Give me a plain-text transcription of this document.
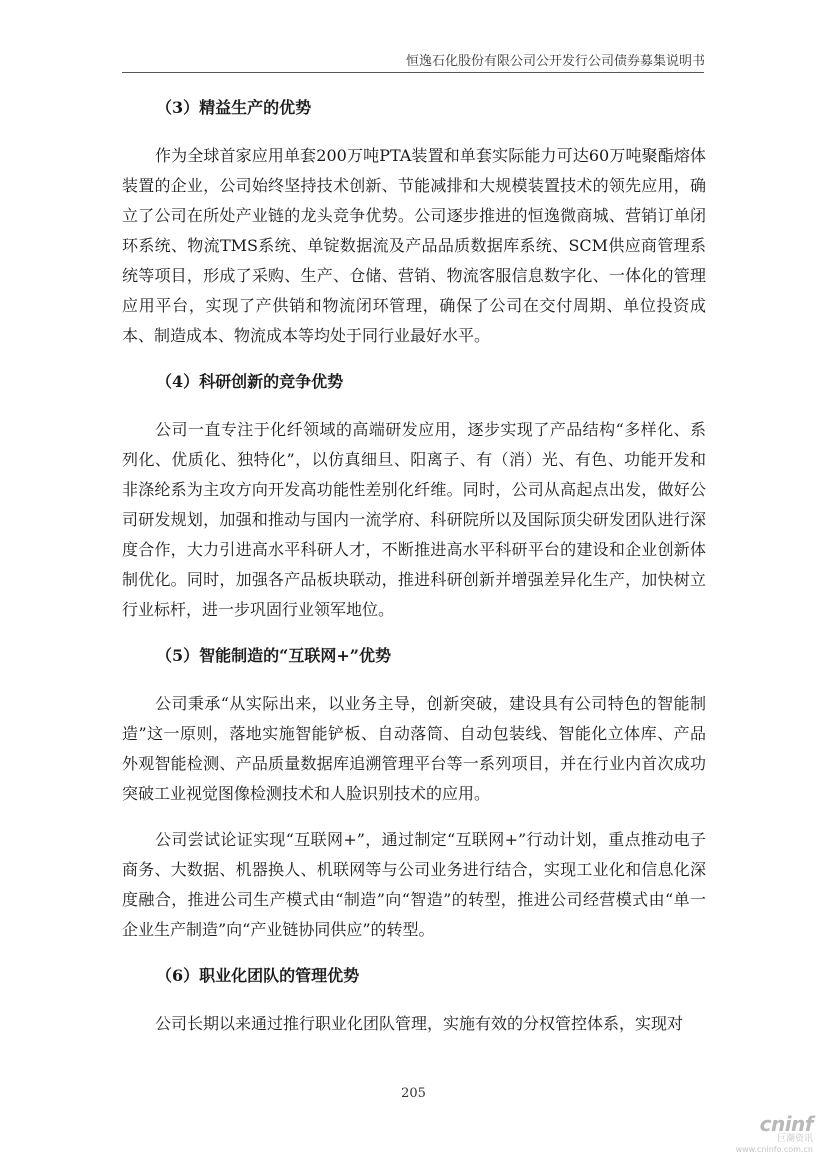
恒逸石化股份有限公司公开发行公司债券募集说明书
（3）精益生产的优势

作为全球首家应用单套200万吨PTA装置和单套实际能力可达60万吨聚酯熔体装置的企业，公司始终坚持技术创新、节能减排和大规模装置技术的领先应用，确立了公司在所处产业链的龙头竞争优势。公司逐步推进的恒逸微商城、营销订单闭环系统、物流TMS系统、单锭数据流及产品品质数据库系统、SCM供应商管理系统等项目，形成了采购、生产、仓储、营销、物流客服信息数字化、一体化的管理应用平台，实现了产供销和物流闭环管理，确保了公司在交付周期、单位投资成本、制造成本、物流成本等均处于同行业最好水平。

（4）科研创新的竞争优势

公司一直专注于化纤领域的高端研发应用，逐步实现了产品结构“多样化、系列化、优质化、独特化”，以仿真细旦、阳离子、有（消）光、有色、功能开发和非涤纶系为主攻方向开发高功能性差别化纤维。同时，公司从高起点出发，做好公司研发规划，加强和推动与国内一流学府、科研院所以及国际顶尖研发团队进行深度合作，大力引进高水平科研人才，不断推进高水平科研平台的建设和企业创新体制优化。同时，加强各产品板块联动，推进科研创新并增强差异化生产，加快树立行业标杆，进一步巩固行业领军地位。

（5）智能制造的“互联网+”优势

公司秉承“从实际出来，以业务主导，创新突破，建设具有公司特色的智能制造”这一原则，落地实施智能铲板、自动落筒、自动包装线、智能化立体库、产品外观智能检测、产品质量数据库追溯管理平台等一系列项目，并在行业内首次成功突破工业视觉图像检测技术和人脸识别技术的应用。

公司尝试论证实现“互联网+”，通过制定“互联网+”行动计划，重点推动电子商务、大数据、机器换人、机联网等与公司业务进行结合，实现工业化和信息化深度融合，推进公司生产模式由“制造”向“智造”的转型，推进公司经营模式由“单一企业生产制造”向“产业链协同供应”的转型。

（6）职业化团队的管理优势

公司长期以来通过推行职业化团队管理，实施有效的分权管控体系，实现对

205
cninf
巨潮资讯
www.cninfo.com.cn
